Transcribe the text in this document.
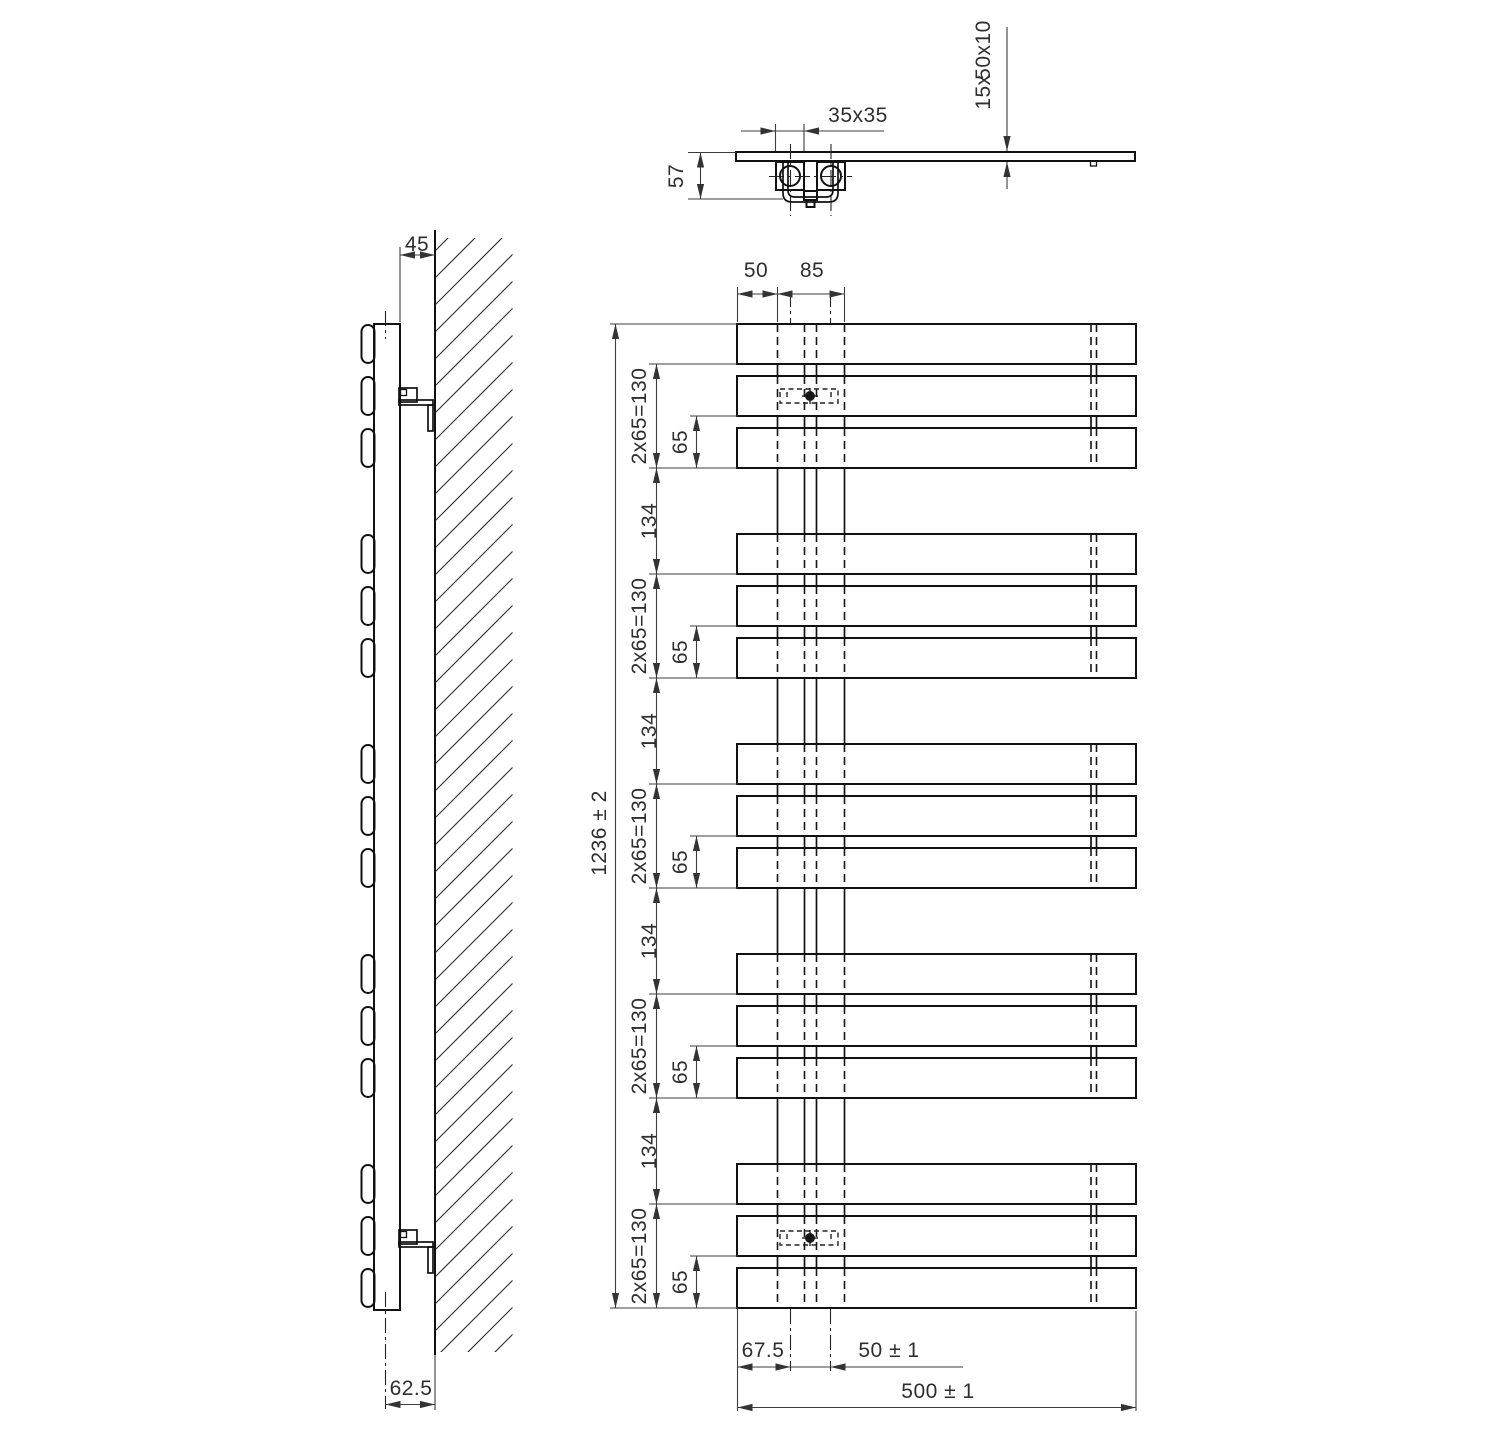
35x35
57
50x10
15x
45
50 85
1236 ± 2
2x65=130 65
134
2x65=130 65
134
2x65=130 65
134
2x65=130 65
134
2x65=130 65
62.5
67.5	50 ± 1
500 ± 1
